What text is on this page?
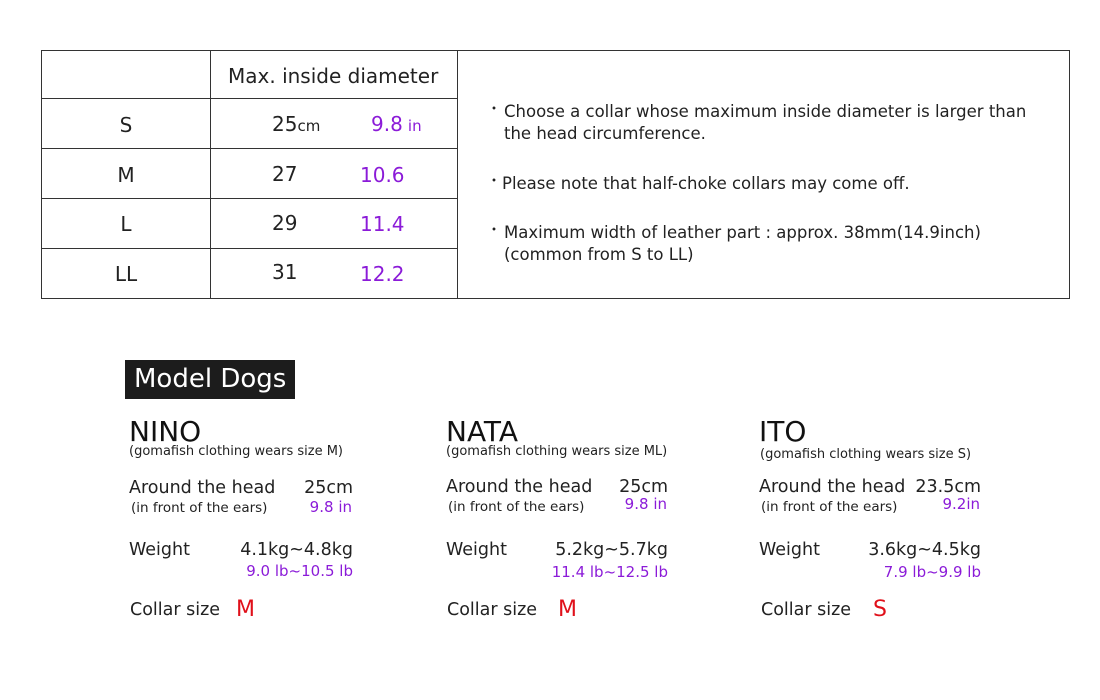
Max. inside diameter
S	25cm	9.8 in
M	27	10.6
L	29	11.4
LL	31	12.2
・ Choose a collar whose maximum inside diameter is larger than the head circumference.
・ Please note that half-choke collars may come off.
・ Maximum width of leather part : approx. 38mm(14.9inch) (common from S to LL)
Model Dogs
NINO
(gomafish clothing wears size M)
Around the head 25cm
(in front of the ears)	9.8 in
Weight	4.1kg~4.8kg
9.0 lb~10.5 lb
Collar size M
NATA
(gomafish clothing wears size ML)
Around the head 25cm
(in front of the ears)	9.8 in
Weight	5.2kg~5.7kg
11.4 lb~12.5 lb
Collar size M
ITO
(gomafish clothing wears size S)
Around the head 23.5cm
(in front of the ears)	9.2in
Weight	3.6kg~4.5kg
7.9 lb~9.9 lb
Collar size S
